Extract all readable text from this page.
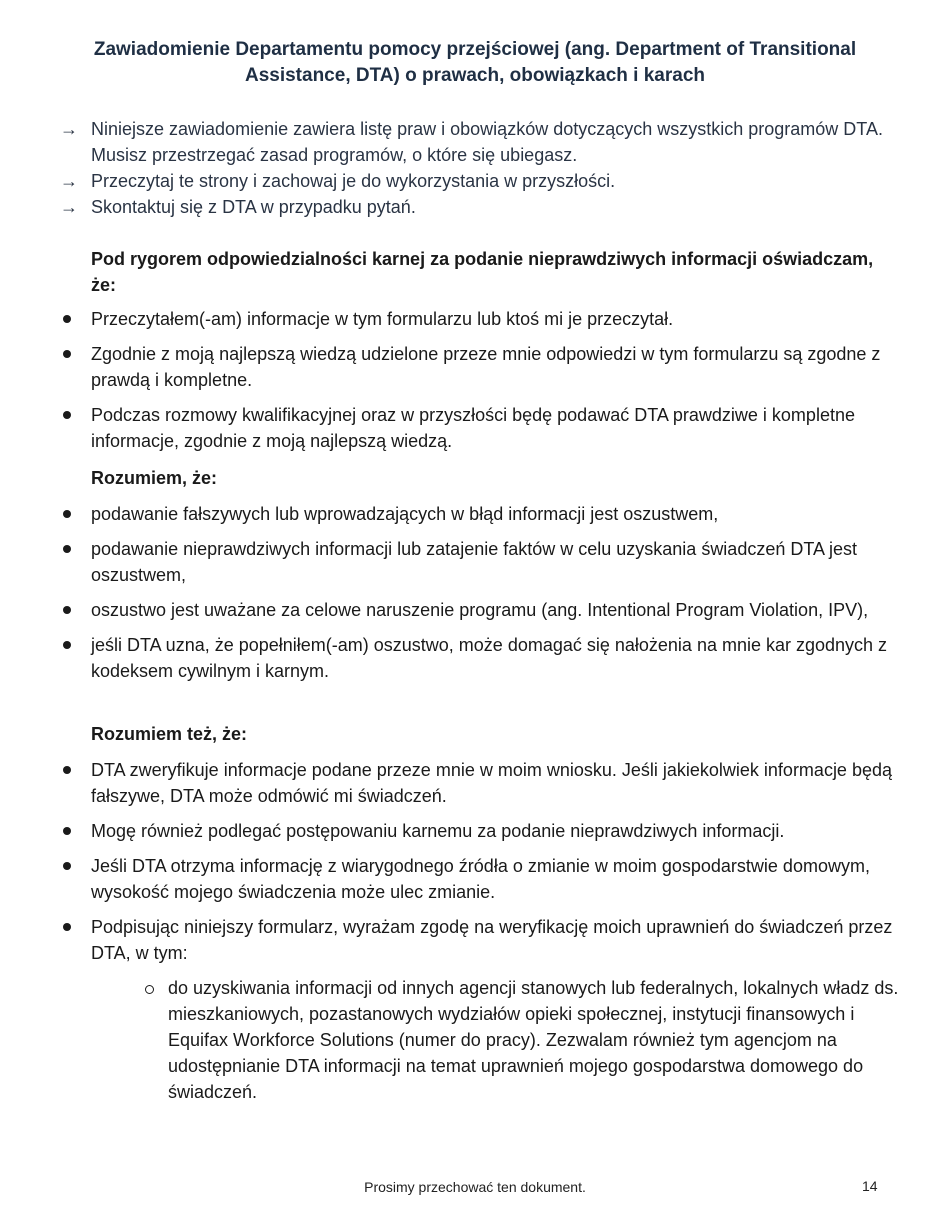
Zawiadomienie Departamentu pomocy przejściowej (ang. Department of Transitional Assistance, DTA) o prawach, obowiązkach i karach
→ Niniejsze zawiadomienie zawiera listę praw i obowiązków dotyczących wszystkich programów DTA. Musisz przestrzegać zasad programów, o które się ubiegasz.
→ Przeczytaj te strony i zachowaj je do wykorzystania w przyszłości.
→ Skontaktuj się z DTA w przypadku pytań.
Pod rygorem odpowiedzialności karnej za podanie nieprawdziwych informacji oświadczam, że:
Przeczytałem(-am) informacje w tym formularzu lub ktoś mi je przeczytał.
Zgodnie z moją najlepszą wiedzą udzielone przeze mnie odpowiedzi w tym formularzu są zgodne z prawdą i kompletne.
Podczas rozmowy kwalifikacyjnej oraz w przyszłości będę podawać DTA prawdziwe i kompletne informacje, zgodnie z moją najlepszą wiedzą.
Rozumiem, że:
podawanie fałszywych lub wprowadzających w błąd informacji jest oszustwem,
podawanie nieprawdziwych informacji lub zatajenie faktów w celu uzyskania świadczeń DTA jest oszustwem,
oszustwo jest uważane za celowe naruszenie programu (ang. Intentional Program Violation, IPV),
jeśli DTA uzna, że popełniłem(-am) oszustwo, może domagać się nałożenia na mnie kar zgodnych z kodeksem cywilnym i karnym.
Rozumiem też, że:
DTA zweryfikuje informacje podane przeze mnie w moim wniosku. Jeśli jakiekolwiek informacje będą fałszywe, DTA może odmówić mi świadczeń.
Mogę również podlegać postępowaniu karnemu za podanie nieprawdziwych informacji.
Jeśli DTA otrzyma informację z wiarygodnego źródła o zmianie w moim gospodarstwie domowym, wysokość mojego świadczenia może ulec zmianie.
Podpisując niniejszy formularz, wyrażam zgodę na weryfikację moich uprawnień do świadczeń przez DTA, w tym:
do uzyskiwania informacji od innych agencji stanowych lub federalnych, lokalnych władz ds. mieszkaniowych, pozastanowych wydziałów opieki społecznej, instytucji finansowych i Equifax Workforce Solutions (numer do pracy). Zezwalam również tym agencjom na udostępnianie DTA informacji na temat uprawnień mojego gospodarstwa domowego do świadczeń.
Prosimy przechować ten dokument.	14
